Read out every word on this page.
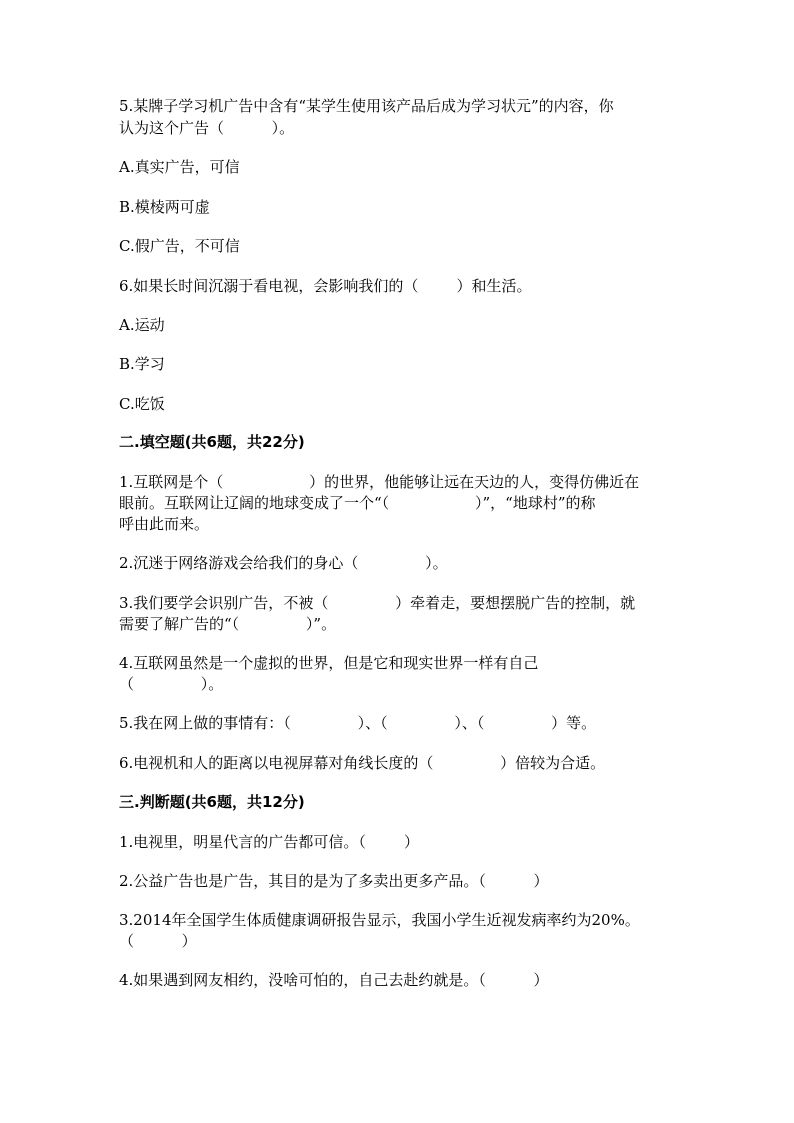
5.某牌子学习机广告中含有“某学生使用该产品后成为学习状元”的内容，你
认为这个广告（          ）。
A.真实广告，可信
B.模棱两可虚
C.假广告，不可信
6.如果长时间沉溺于看电视，会影响我们的（        ）和生活。
A.运动
B.学习
C.吃饭
二.填空题(共6题，共22分)
1.互联网是个（                  ）的世界，他能够让远在天边的人，变得仿佛近在
眼前。互联网让辽阔的地球变成了一个“（                  ）”，“地球村”的称
呼由此而来。
2.沉迷于网络游戏会给我们的身心（              ）。
3.我们要学会识别广告，不被（              ）牵着走，要想摆脱广告的控制，就
需要了解广告的“（              ）”。
4.互联网虽然是一个虚拟的世界，但是它和现实世界一样有自己
（              ）。
5.我在网上做的事情有：（              ）、（              ）、（              ）等。
6.电视机和人的距离以电视屏幕对角线长度的（              ）倍较为合适。
三.判断题(共6题，共12分)
1.电视里，明星代言的广告都可信。（        ）
2.公益广告也是广告，其目的是为了多卖出更多产品。（          ）
3.2014年全国学生体质健康调研报告显示，我国小学生近视发病率约为20%。
（          ）
4.如果遇到网友相约，没啥可怕的，自己去赴约就是。（          ）
